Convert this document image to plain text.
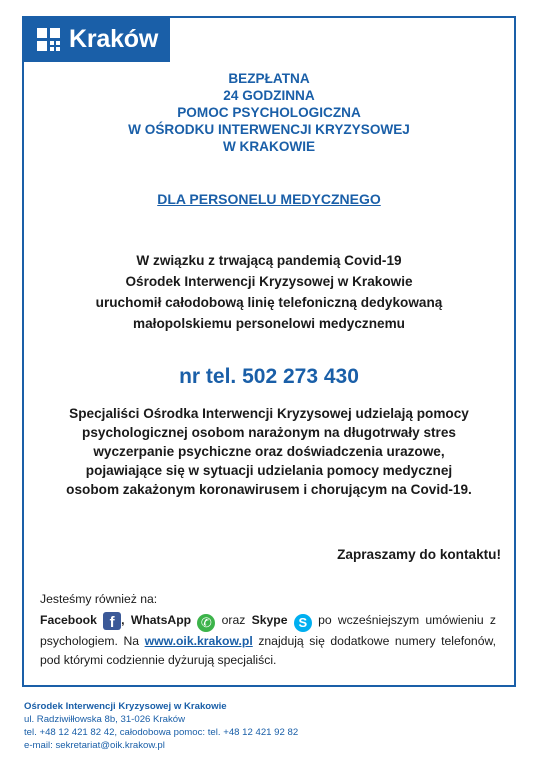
Kraków
BEZPŁATNA
24 GODZINNA
POMOC PSYCHOLOGICZNA
W OŚRODKU INTERWENCJI KRYZYSOWEJ
W KRAKOWIE
DLA PERSONELU MEDYCZNEGO
W związku z trwającą pandemią Covid-19
Ośrodek Interwencji Kryzysowej w Krakowie
uruchomił całodobową linię telefoniczną dedykowaną
małopolskiemu personelowi medycznemu
nr tel. 502 273 430
Specjaliści Ośrodka Interwencji Kryzysowej udzielają pomocy
psychologicznej osobom narażonym na długotrwały stres
wyczerpanie psychiczne oraz doświadczenia urazowe,
pojawiające się w sytuacji udzielania pomocy medycznej
osobom zakażonym koronawirusem i chorującym na Covid-19.
Zapraszamy do kontaktu!
Jesteśmy również na:
Facebook f , WhatsApp ✆ oraz Skype S po wcześniejszym umówieniu z psychologiem. Na www.oik.krakow.pl znajdują się dodatkowe numery telefonów, pod którymi codziennie dyżurują specjaliści.
Ośrodek Interwencji Kryzysowej w Krakowie
ul. Radziwiłłowska 8b, 31-026 Kraków
tel. +48 12 421 82 42, całodobowa pomoc: tel. +48 12 421 92 82
e-mail: sekretariat@oik.krakow.pl
